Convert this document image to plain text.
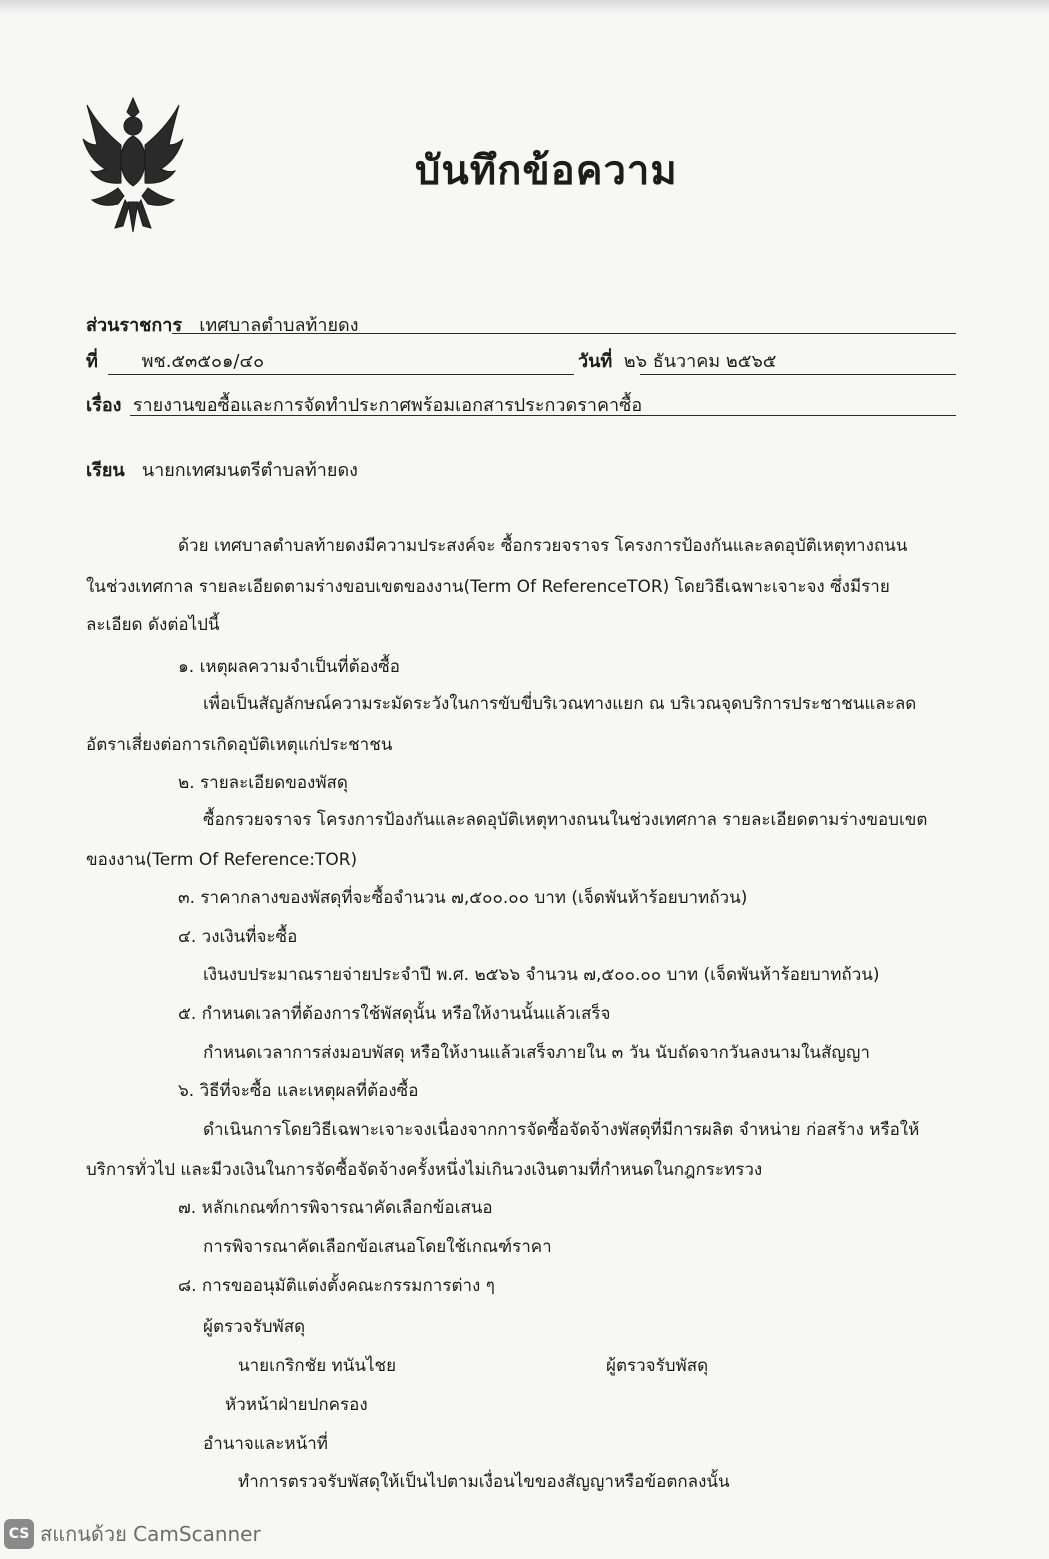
บันทึกข้อความ
ส่วนราชการ เทศบาลตำบลท้ายดง
ที่ พช.๕๓๕๐๑/๔๐	วันที่ ๒๖ ธันวาคม ๒๕๖๕
เรื่อง รายงานขอซื้อและการจัดทำประกาศพร้อมเอกสารประกวดราคาซื้อ
เรียน นายกเทศมนตรีตำบลท้ายดง
ด้วย เทศบาลตำบลท้ายดงมีความประสงค์จะ ซื้อกรวยจราจร โครงการป้องกันและลดอุบัติเหตุทางถนน
ในช่วงเทศกาล รายละเอียดตามร่างขอบเขตของงาน(Term Of ReferenceTOR) โดยวิธีเฉพาะเจาะจง ซึ่งมีราย
ละเอียด ดังต่อไปนี้
๑. เหตุผลความจำเป็นที่ต้องซื้อ
เพื่อเป็นสัญลักษณ์ความระมัดระวังในการขับขี่บริเวณทางแยก ณ บริเวณจุดบริการประชาชนและลด
อัตราเสี่ยงต่อการเกิดอุบัติเหตุแก่ประชาชน
๒. รายละเอียดของพัสดุ
ซื้อกรวยจราจร โครงการป้องกันและลดอุบัติเหตุทางถนนในช่วงเทศกาล รายละเอียดตามร่างขอบเขต
ของงาน(Term Of Reference:TOR)
๓. ราคากลางของพัสดุที่จะซื้อจำนวน ๗,๕๐๐.๐๐ บาท (เจ็ดพันห้าร้อยบาทถ้วน)
๔. วงเงินที่จะซื้อ
เงินงบประมาณรายจ่ายประจำปี พ.ศ. ๒๕๖๖ จำนวน ๗,๕๐๐.๐๐ บาท (เจ็ดพันห้าร้อยบาทถ้วน)
๕. กำหนดเวลาที่ต้องการใช้พัสดุนั้น หรือให้งานนั้นแล้วเสร็จ
กำหนดเวลาการส่งมอบพัสดุ หรือให้งานแล้วเสร็จภายใน ๓ วัน นับถัดจากวันลงนามในสัญญา
๖. วิธีที่จะซื้อ และเหตุผลที่ต้องซื้อ
ดำเนินการโดยวิธีเฉพาะเจาะจงเนื่องจากการจัดซื้อจัดจ้างพัสดุที่มีการผลิต จำหน่าย ก่อสร้าง หรือให้
บริการทั่วไป และมีวงเงินในการจัดซื้อจัดจ้างครั้งหนึ่งไม่เกินวงเงินตามที่กำหนดในกฎกระทรวง
๗. หลักเกณฑ์การพิจารณาคัดเลือกข้อเสนอ
การพิจารณาคัดเลือกข้อเสนอโดยใช้เกณฑ์ราคา
๘. การขออนุมัติแต่งตั้งคณะกรรมการต่าง ๆ
ผู้ตรวจรับพัสดุ
นายเกริกชัย ทนันไชย	ผู้ตรวจรับพัสดุ
หัวหน้าฝ่ายปกครอง
อำนาจและหน้าที่
ทำการตรวจรับพัสดุให้เป็นไปตามเงื่อนไขของสัญญาหรือข้อตกลงนั้น
CS สแกนด้วย CamScanner
